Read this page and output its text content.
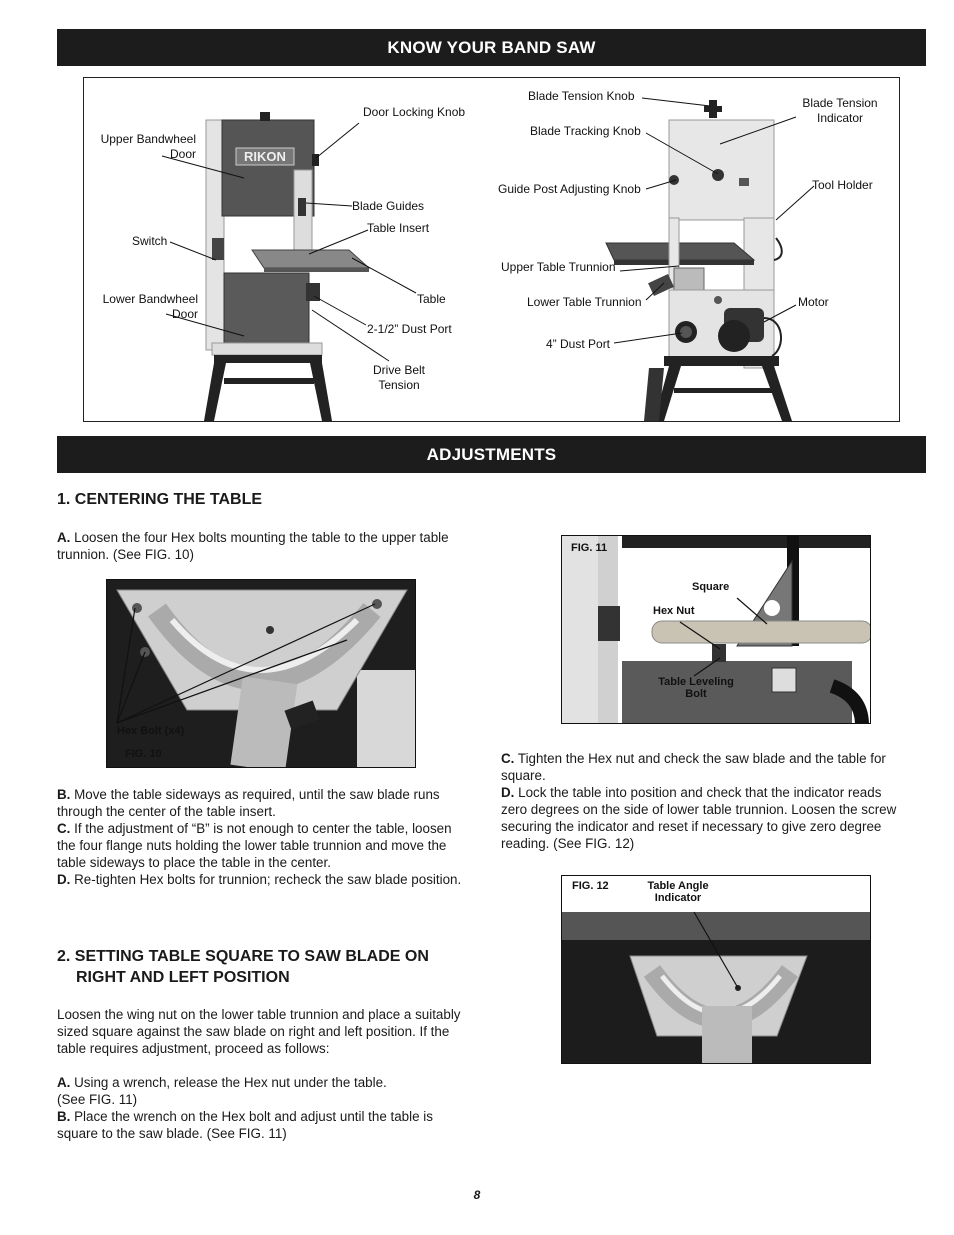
KNOW YOUR BAND SAW
RIKON
Door Locking Knob
Upper Bandwheel
Door
Blade Guides
Table Insert
Switch
Lower Bandwheel
Door
Table
2-1/2” Dust Port
Drive Belt
Tension
Blade Tension Knob	Blade Tension
Indicator
Blade Tracking Knob
Guide Post Adjusting Knob	Tool Holder
Upper Table Trunnion
Lower Table Trunnion	Motor
4” Dust Port
ADJUSTMENTS
1. CENTERING THE TABLE
A. Loosen the four Hex bolts mounting the table to the upper table
trunnion. (See FIG. 10)
Hex Bolt (x4)
FIG. 10
B. Move the table sideways as required, until the saw blade runs
through the center of the table insert.
C. If the adjustment of “B” is not enough to center the table, loosen
the four flange nuts holding the lower table trunnion and move the
table sideways to place the table in the center.
D. Re-tighten Hex bolts for trunnion; recheck the saw blade position.
2. SETTING TABLE SQUARE TO SAW BLADE ON
RIGHT AND LEFT POSITION
Loosen the wing nut on the lower table trunnion and place a suitably
sized square against the saw blade on right and left position. If the
table requires adjustment, proceed as follows:
A. Using a wrench, release the Hex nut under the table.
(See FIG. 11)
B. Place the wrench on the Hex bolt and adjust until the table is
square to the saw blade. (See FIG. 11)
FIG. 11
Square
Hex Nut
Table Leveling
Bolt
C. Tighten the Hex nut and check the saw blade and the table for
square.
D. Lock the table into position and check that the indicator reads
zero degrees on the side of lower table trunnion. Loosen the screw
securing the indicator and reset if necessary to give zero degree
reading. (See FIG. 12)
FIG. 12	Table Angle
Indicator
8
